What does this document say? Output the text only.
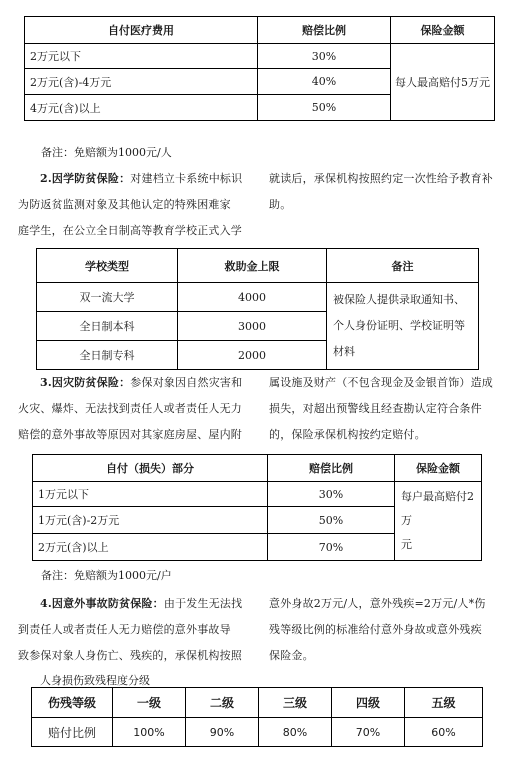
自付医疗费用	赔偿比例	保险金额
2万元以下	30%	每人最高赔付5万元
2万元(含)-4万元	40%	
4万元(含)以上	50%	
备注：免赔额为1000元/人
2.因学防贫保险：对建档立卡系统中标识
为防返贫监测对象及其他认定的特殊困难家
庭学生，在公立全日制高等教育学校正式入学
就读后，承保机构按照约定一次性给予教育补
助。
学校类型	救助金上限	备注
双一流大学	4000	被保险人提供录取通知书、
个人身份证明、学校证明等
材料

全日制本科	3000	
全日制专科	2000	
3.因灾防贫保险：参保对象因自然灾害和
火灾、爆炸、无法找到责任人或者责任人无力
赔偿的意外事故等原因对其家庭房屋、屋内附
属设施及财产（不包含现金及金银首饰）造成
损失，对超出预警线且经查勘认定符合条件
的，保险承保机构按约定赔付。
自付（损失）部分	赔偿比例	保险金额
1万元以下	30%	每户最高赔付2万
元

1万元(含)-2万元	50%	
2万元(含)以上	70%	
备注：免赔额为1000元/户
4.因意外事故防贫保险：由于发生无法找
到责任人或者责任人无力赔偿的意外事故导
致参保对象人身伤亡、残疾的，承保机构按照
意外身故2万元/人，意外残疾=2万元/人*伤
残等级比例的标准给付意外身故或意外残疾
保险金。
人身损伤致残程度分级
伤残等级	一级	二级	三级	四级	五级
赔付比例	100%	90%	80%	70%	60%
